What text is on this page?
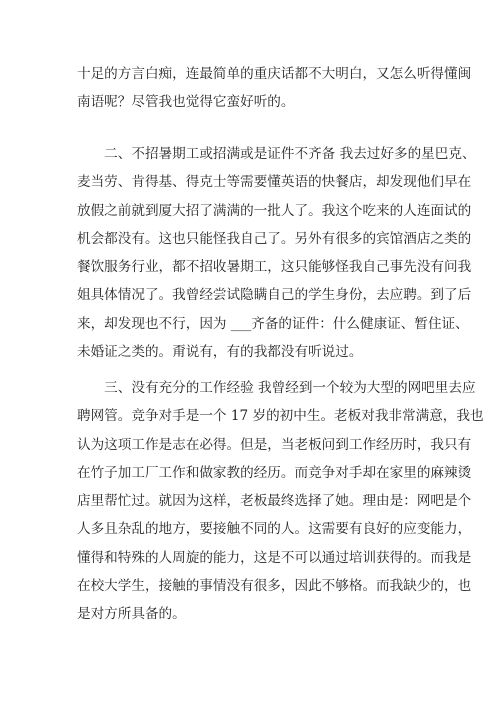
十足的方言白痴，连最简单的重庆话都不大明白，又怎么听得懂闽
南语呢？尽管我也觉得它蛮好听的。
　　二、不招暑期工或招满或是证件不齐备 我去过好多的星巴克、
麦当劳、肯得基、得克士等需要懂英语的快餐店，却发现他们早在
放假之前就到厦大招了满满的一批人了。我这个吃来的人连面试的
机会都没有。这也只能怪我自己了。另外有很多的宾馆酒店之类的
餐饮服务行业，都不招收暑期工，这只能够怪我自己事先没有问我
姐具体情况了。我曾经尝试隐瞒自己的学生身份，去应聘。到了后
来，却发现也不行，因为 ___齐备的证件：什么健康证、暂住证、
未婚证之类的。甭说有，有的我都没有听说过。
　　三、没有充分的工作经验 我曾经到一个较为大型的网吧里去应
聘网管。竞争对手是一个 17 岁的初中生。老板对我非常满意，我也
认为这项工作是志在必得。但是，当老板问到工作经历时，我只有
在竹子加工厂工作和做家教的经历。而竞争对手却在家里的麻辣烫
店里帮忙过。就因为这样，老板最终选择了她。理由是：网吧是个
人多且杂乱的地方，要接触不同的人。这需要有良好的应变能力，
懂得和特殊的人周旋的能力，这是不可以通过培训获得的。而我是
在校大学生，接触的事情没有很多，因此不够格。而我缺少的，也
是对方所具备的。
